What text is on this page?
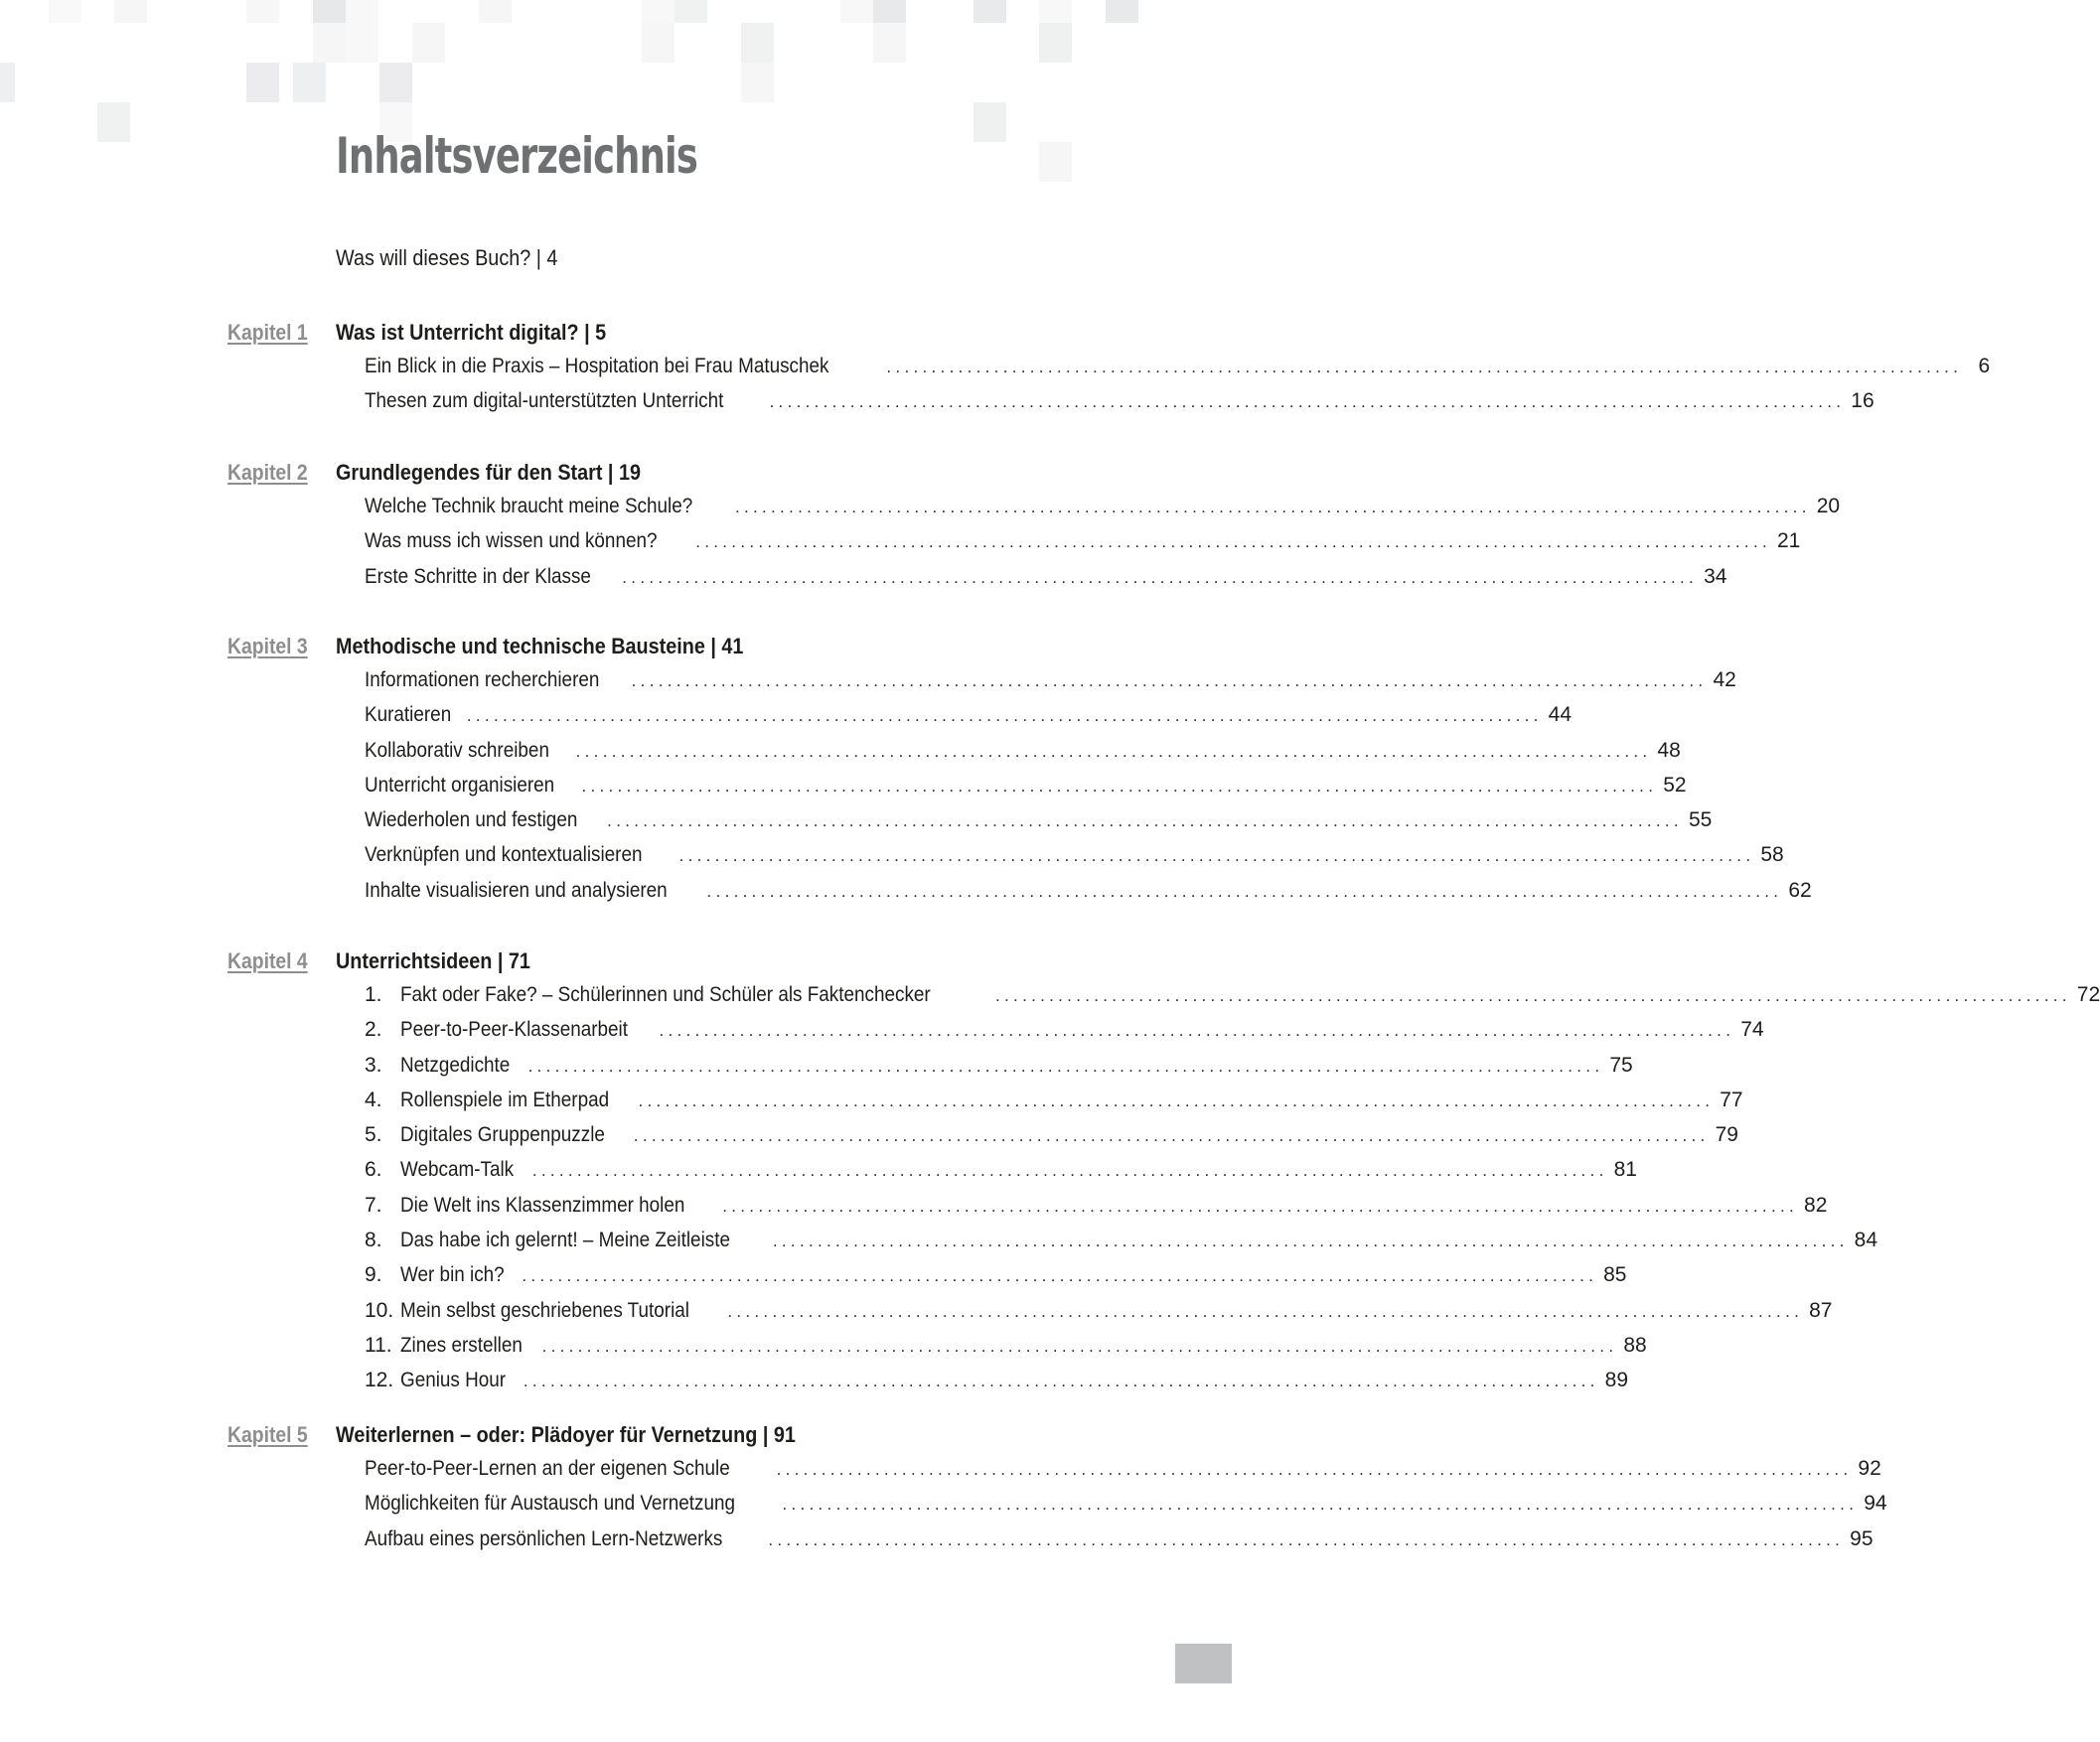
Inhaltsverzeichnis
Was will dieses Buch? | 4
Kapitel 1 Was ist Unterricht digital? | 5
Ein Blick in die Praxis – Hospitation bei Frau Matuschek	........................................................................................................................ 6
Thesen zum digital-unterstützten Unterricht	........................................................................................................................ 16
Kapitel 2 Grundlegendes für den Start | 19
Welche Technik braucht meine Schule?	........................................................................................................................ 20
Was muss ich wissen und können? ........................................................................................................................ 21
Erste Schritte in der Klasse ........................................................................................................................ 34
Kapitel 3 Methodische und technische Bausteine | 41
Informationen recherchieren ........................................................................................................................ 42
Kuratieren ........................................................................................................................ 44
Kollaborativ schreiben ........................................................................................................................ 48
Unterricht organisieren ........................................................................................................................ 52
Wiederholen und festigen ........................................................................................................................ 55
Verknüpfen und kontextualisieren ........................................................................................................................ 58
Inhalte visualisieren und analysieren ........................................................................................................................ 62
Kapitel 4 Unterrichtsideen | 71
1. Fakt oder Fake? – Schülerinnen und Schüler als Faktenchecker	........................................................................................................................ 72
2. Peer-to-Peer-Klassenarbeit ........................................................................................................................ 74
3. Netzgedichte ........................................................................................................................ 75
4. Rollenspiele im Etherpad ........................................................................................................................ 77
5. Digitales Gruppenpuzzle ........................................................................................................................ 79
6. Webcam-Talk ........................................................................................................................ 81
7. Die Welt ins Klassenzimmer holen ........................................................................................................................ 82
8. Das habe ich gelernt! – Meine Zeitleiste	........................................................................................................................ 84
9. Wer bin ich? ........................................................................................................................ 85
10. Mein selbst geschriebenes Tutorial ........................................................................................................................ 87
11. Zines erstellen ........................................................................................................................ 88
12. Genius Hour ........................................................................................................................ 89
Kapitel 5 Weiterlernen – oder: Plädoyer für Vernetzung | 91
Peer-to-Peer-Lernen an der eigenen Schule	........................................................................................................................ 92
Möglichkeiten für Austausch und Vernetzung	........................................................................................................................ 94
Aufbau eines persönlichen Lern-Netzwerks	........................................................................................................................ 95
